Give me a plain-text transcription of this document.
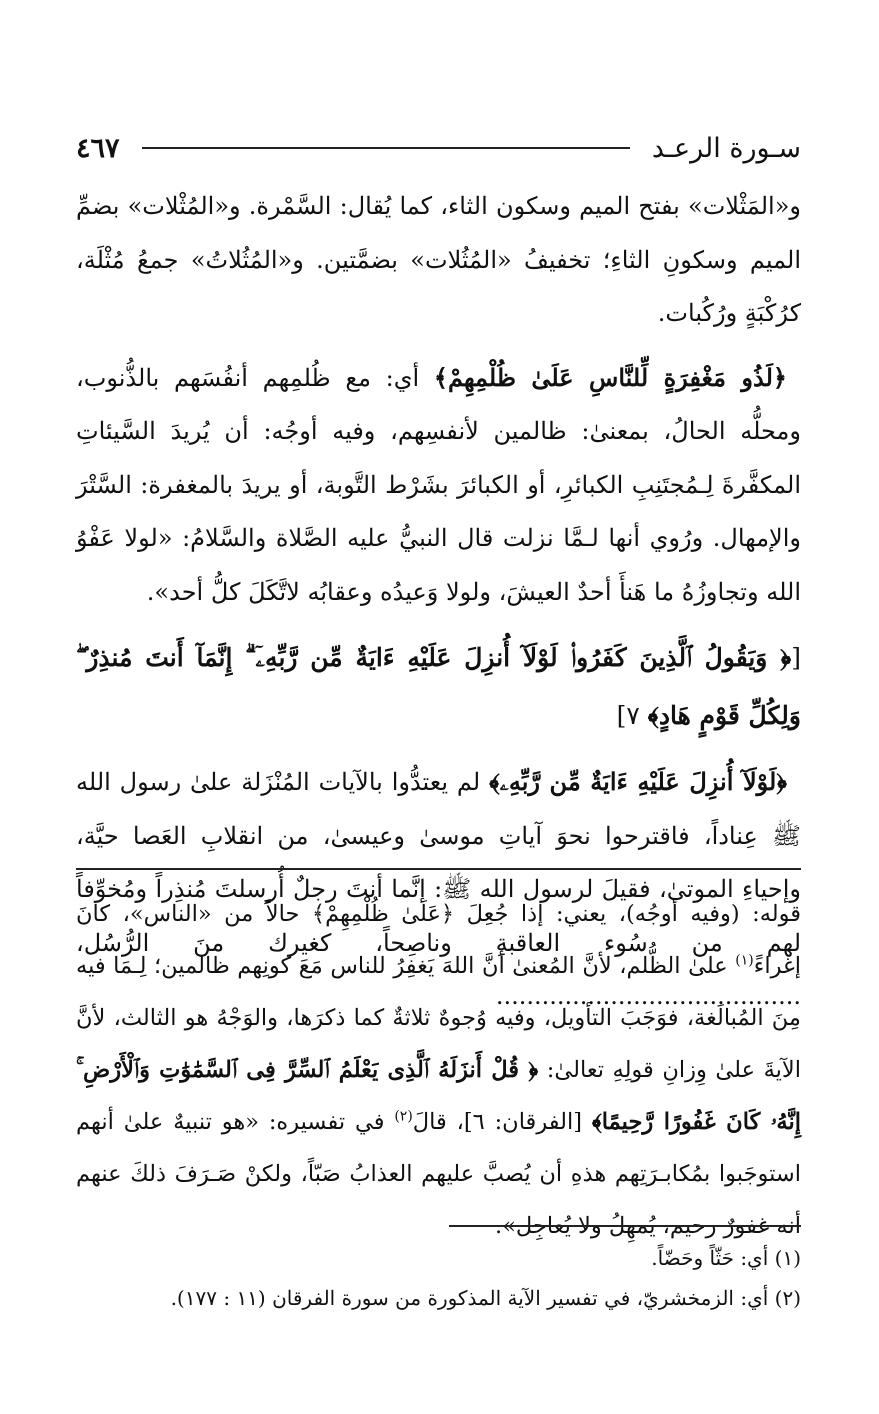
سـورة الرعـد
٤٦٧

و«المَثْلات» بفتح الميم وسكون الثاء، كما يُقال: السَّمْرة. و«المُثْلات» بضمِّ الميم وسكونِ الثاءِ؛ تخفيفُ «المُثُلات» بضمَّتين. و«المُثُلاتُ» جمعُ مُثْلَة، كرُكْبَةٍ ورُكُبات.

﴿لَذُو مَغْفِرَةٍ لِّلنَّاسِ عَلَىٰ ظُلْمِهِمْ﴾ أي: مع ظُلمِهم أنفُسَهم بالذُّنوب، ومحلُّه الحالُ، بمعنىٰ: ظالمين لأنفسِهم، وفيه أوجُه: أن يُريدَ السَّيئاتِ المكفَّرةَ لِـمُجتَنِبِ الكبائرِ، أو الكبائرَ بشَرْط التَّوبة، أو يريدَ بالمغفرة: السَّتْرَ والإمهال. ورُوي أنها لـمَّا نزلت قال النبيُّ عليه الصَّلاة والسَّلامُ: «لولا عَفْوُ الله وتجاوزُهُ ما هَنأَ أحدٌ العيشَ، ولولا وَعيدُه وعقابُه لاتَّكَلَ كلُّ أحد».

[﴿ وَيَقُولُ ٱلَّذِينَ كَفَرُوا۟ لَوْلَآ أُنزِلَ عَلَيْهِ ءَايَةٌ مِّن رَّبِّهِۦٓ ۗ إِنَّمَآ أَنتَ مُنذِرٌ ۖ وَلِكُلِّ قَوْمٍ هَادٍ﴾ ٧]

﴿لَوْلَآ أُنزِلَ عَلَيْهِ ءَايَةٌ مِّن رَّبِّهِۦ﴾ لم يعتدُّوا بالآيات المُنْزَلة علىٰ رسول الله ﷺ عِناداً، فاقترحوا نحوَ آياتِ موسىٰ وعيسىٰ، من انقلابِ العَصا حيَّة، وإحياءِ الموتىٰ، فقيلَ لرسول الله ﷺ: إنَّما أنتَ رجلٌ أُرسلتَ مُنذِراً ومُخوِّفاً لهم من سُوء العاقبةِ وناصِحاً، كغيرك منَ الرُّسُل، ........................................

قوله: (وفيه أوجُه)، يعني: إذا جُعِلَ ﴿عَلَىٰ ظُلْمِهِمْ﴾ حالاً من «الناس»، كانَ إغراءً$^{(١)}$ علىٰ الظُّلم، لأنَّ المُعنىٰ أنَّ اللهَ يَغفِرُ للناس مَعَ كونِهم ظالمين؛ لِـمَا فيه مِنَ المُبالَغة، فوَجَبَ التأويل، وفيه وُجوهٌ ثلاثةٌ كما ذكرَها، والوَجْهُ هو الثالث، لأنَّ الآيةَ علىٰ وِزانِ قولِهِ تعالىٰ: ﴿ قُلْ أَنزَلَهُ ٱلَّذِى يَعْلَمُ ٱلسِّرَّ فِى ٱلسَّمَٰوَٰتِ وَٱلْأَرْضِ ۚ إِنَّهُۥ كَانَ غَفُورًا رَّحِيمًا﴾ [الفرقان: ٦]، قالَ$^{(٢)}$ في تفسيره: «هو تنبيهٌ علىٰ أنهم استوجَبوا بمُكابـرَتِهم هذهِ أن يُصبَّ عليهم العذابُ صَبّاً، ولكنْ صَـرَفَ ذلكَ عنهم أنه غفورٌ رحيم، يُمهِلُ ولا يُعاجِل».

(١) أي: حَثّاً وحَضّاً.
(٢) أي: الزمخشريّ، في تفسير الآية المذكورة من سورة الفرقان (١١ : ١٧٧).
